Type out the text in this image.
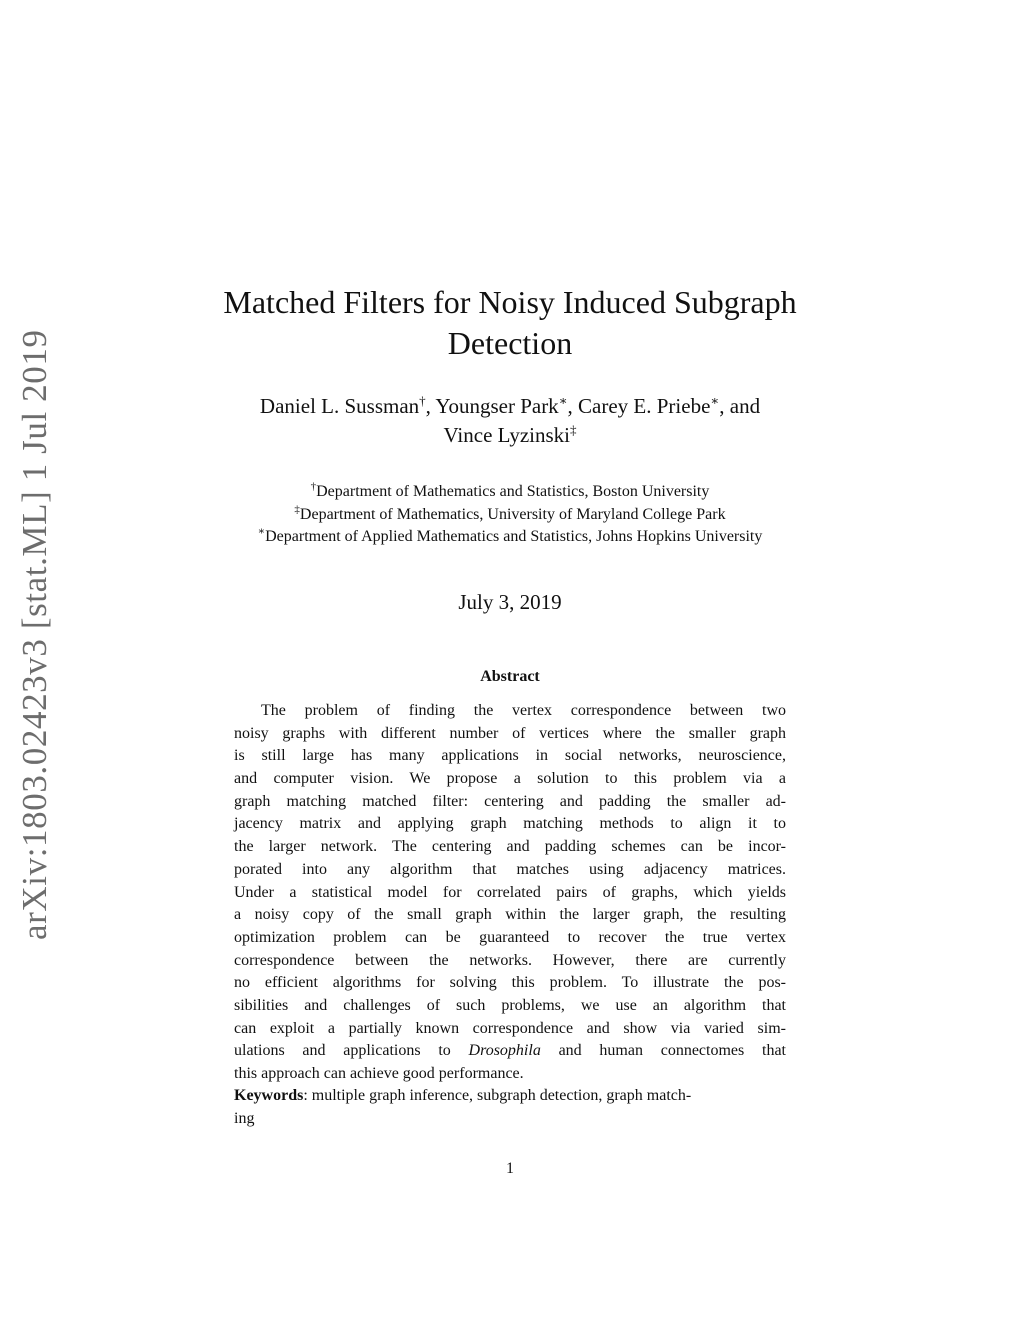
arXiv:1803.02423v3 [stat.ML] 1 Jul 2019
Matched Filters for Noisy Induced Subgraph
Detection
Daniel L. Sussman†, Youngser Park∗, Carey E. Priebe∗, and
Vince Lyzinski‡
†Department of Mathematics and Statistics, Boston University
‡Department of Mathematics, University of Maryland College Park
∗Department of Applied Mathematics and Statistics, Johns Hopkins University
July 3, 2019
Abstract
The problem of finding the vertex correspondence between two
noisy graphs with different number of vertices where the smaller graph
is still large has many applications in social networks, neuroscience,
and computer vision. We propose a solution to this problem via a
graph matching matched filter: centering and padding the smaller ad-
jacency matrix and applying graph matching methods to align it to
the larger network. The centering and padding schemes can be incor-
porated into any algorithm that matches using adjacency matrices.
Under a statistical model for correlated pairs of graphs, which yields
a noisy copy of the small graph within the larger graph, the resulting
optimization problem can be guaranteed to recover the true vertex
correspondence between the networks. However, there are currently
no efficient algorithms for solving this problem. To illustrate the pos-
sibilities and challenges of such problems, we use an algorithm that
can exploit a partially known correspondence and show via varied sim-
ulations and applications to Drosophila and human connectomes that
this approach can achieve good performance.
Keywords: multiple graph inference, subgraph detection, graph match-
ing
1
